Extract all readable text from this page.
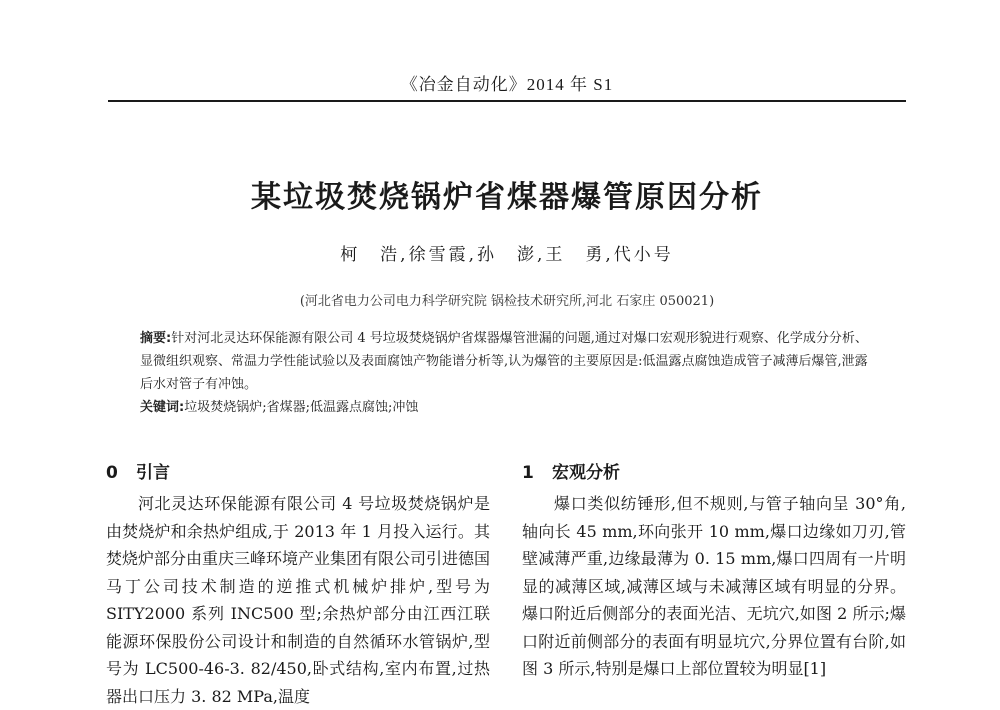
《冶金自动化》2014 年 S1
某垃圾焚烧锅炉省煤器爆管原因分析
柯　浩,徐雪霞,孙　澎,王　勇,代小号
(河北省电力公司电力科学研究院 锅检技术研究所,河北 石家庄 050021)

摘要:针对河北灵达环保能源有限公司 4 号垃圾焚烧锅炉省煤器爆管泄漏的问题,通过对爆口宏观形貌进行观察、化学成分分析、显微组织观察、常温力学性能试验以及表面腐蚀产物能谱分析等,认为爆管的主要原因是:低温露点腐蚀造成管子减薄后爆管,泄露后水对管子有冲蚀。

关键词:垃圾焚烧锅炉;省煤器;低温露点腐蚀;冲蚀

0 引言

河北灵达环保能源有限公司 4 号垃圾焚烧锅炉是由焚烧炉和余热炉组成,于 2013 年 1 月投入运行。其焚烧炉部分由重庆三峰环境产业集团有限公司引进德国马丁公司技术制造的逆推式机械炉排炉,型号为 SITY2000 系列 INC500 型;余热炉部分由江西江联能源环保股份公司设计和制造的自然循环水管锅炉,型号为 LC500-46-3. 82/450,卧式结构,室内布置,过热器出口压力 3. 82 MPa,温度

1 宏观分析

爆口类似纺锤形,但不规则,与管子轴向呈 30°角,轴向长 45 mm,环向张开 10 mm,爆口边缘如刀刃,管壁减薄严重,边缘最薄为 0. 15 mm,爆口四周有一片明显的减薄区域,减薄区域与未减薄区域有明显的分界。爆口附近后侧部分的表面光洁、无坑穴,如图 2 所示;爆口附近前侧部分的表面有明显坑穴,分界位置有台阶,如图 3 所示,特别是爆口上部位置较为明显[1]
